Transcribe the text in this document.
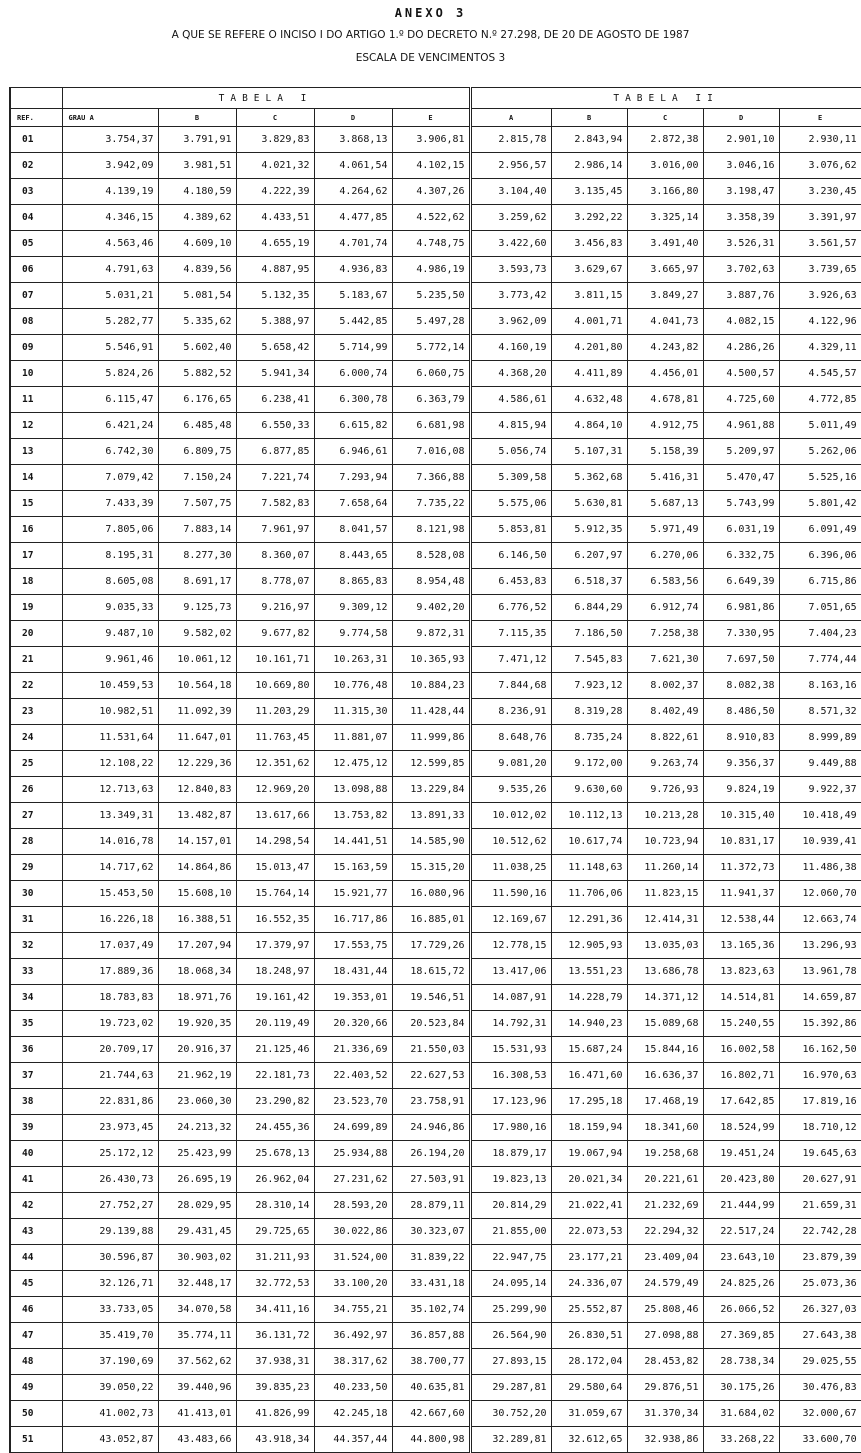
ANEXO 3
A QUE SE REFERE O INCISO I DO ARTIGO 1.º DO DECRETO N.º 27.298, DE 20 DE AGOSTO DE 1987
ESCALA DE VENCIMENTOS 3
	TABELA I					TABELA II				
REF.	GRAU A	B	C	D	E	A	B	C	D	E
01	3.754,37	3.791,91	3.829,83	3.868,13	3.906,81	2.815,78	2.843,94	2.872,38	2.901,10	2.930,11
02	3.942,09	3.981,51	4.021,32	4.061,54	4.102,15	2.956,57	2.986,14	3.016,00	3.046,16	3.076,62
03	4.139,19	4.180,59	4.222,39	4.264,62	4.307,26	3.104,40	3.135,45	3.166,80	3.198,47	3.230,45
04	4.346,15	4.389,62	4.433,51	4.477,85	4.522,62	3.259,62	3.292,22	3.325,14	3.358,39	3.391,97
05	4.563,46	4.609,10	4.655,19	4.701,74	4.748,75	3.422,60	3.456,83	3.491,40	3.526,31	3.561,57
06	4.791,63	4.839,56	4.887,95	4.936,83	4.986,19	3.593,73	3.629,67	3.665,97	3.702,63	3.739,65
07	5.031,21	5.081,54	5.132,35	5.183,67	5.235,50	3.773,42	3.811,15	3.849,27	3.887,76	3.926,63
08	5.282,77	5.335,62	5.388,97	5.442,85	5.497,28	3.962,09	4.001,71	4.041,73	4.082,15	4.122,96
09	5.546,91	5.602,40	5.658,42	5.714,99	5.772,14	4.160,19	4.201,80	4.243,82	4.286,26	4.329,11
10	5.824,26	5.882,52	5.941,34	6.000,74	6.060,75	4.368,20	4.411,89	4.456,01	4.500,57	4.545,57
11	6.115,47	6.176,65	6.238,41	6.300,78	6.363,79	4.586,61	4.632,48	4.678,81	4.725,60	4.772,85
12	6.421,24	6.485,48	6.550,33	6.615,82	6.681,98	4.815,94	4.864,10	4.912,75	4.961,88	5.011,49
13	6.742,30	6.809,75	6.877,85	6.946,61	7.016,08	5.056,74	5.107,31	5.158,39	5.209,97	5.262,06
14	7.079,42	7.150,24	7.221,74	7.293,94	7.366,88	5.309,58	5.362,68	5.416,31	5.470,47	5.525,16
15	7.433,39	7.507,75	7.582,83	7.658,64	7.735,22	5.575,06	5.630,81	5.687,13	5.743,99	5.801,42
16	7.805,06	7.883,14	7.961,97	8.041,57	8.121,98	5.853,81	5.912,35	5.971,49	6.031,19	6.091,49
17	8.195,31	8.277,30	8.360,07	8.443,65	8.528,08	6.146,50	6.207,97	6.270,06	6.332,75	6.396,06
18	8.605,08	8.691,17	8.778,07	8.865,83	8.954,48	6.453,83	6.518,37	6.583,56	6.649,39	6.715,86
19	9.035,33	9.125,73	9.216,97	9.309,12	9.402,20	6.776,52	6.844,29	6.912,74	6.981,86	7.051,65
20	9.487,10	9.582,02	9.677,82	9.774,58	9.872,31	7.115,35	7.186,50	7.258,38	7.330,95	7.404,23
21	9.961,46	10.061,12	10.161,71	10.263,31	10.365,93	7.471,12	7.545,83	7.621,30	7.697,50	7.774,44
22	10.459,53	10.564,18	10.669,80	10.776,48	10.884,23	7.844,68	7.923,12	8.002,37	8.082,38	8.163,16
23	10.982,51	11.092,39	11.203,29	11.315,30	11.428,44	8.236,91	8.319,28	8.402,49	8.486,50	8.571,32
24	11.531,64	11.647,01	11.763,45	11.881,07	11.999,86	8.648,76	8.735,24	8.822,61	8.910,83	8.999,89
25	12.108,22	12.229,36	12.351,62	12.475,12	12.599,85	9.081,20	9.172,00	9.263,74	9.356,37	9.449,88
26	12.713,63	12.840,83	12.969,20	13.098,88	13.229,84	9.535,26	9.630,60	9.726,93	9.824,19	9.922,37
27	13.349,31	13.482,87	13.617,66	13.753,82	13.891,33	10.012,02	10.112,13	10.213,28	10.315,40	10.418,49
28	14.016,78	14.157,01	14.298,54	14.441,51	14.585,90	10.512,62	10.617,74	10.723,94	10.831,17	10.939,41
29	14.717,62	14.864,86	15.013,47	15.163,59	15.315,20	11.038,25	11.148,63	11.260,14	11.372,73	11.486,38
30	15.453,50	15.608,10	15.764,14	15.921,77	16.080,96	11.590,16	11.706,06	11.823,15	11.941,37	12.060,70
31	16.226,18	16.388,51	16.552,35	16.717,86	16.885,01	12.169,67	12.291,36	12.414,31	12.538,44	12.663,74
32	17.037,49	17.207,94	17.379,97	17.553,75	17.729,26	12.778,15	12.905,93	13.035,03	13.165,36	13.296,93
33	17.889,36	18.068,34	18.248,97	18.431,44	18.615,72	13.417,06	13.551,23	13.686,78	13.823,63	13.961,78
34	18.783,83	18.971,76	19.161,42	19.353,01	19.546,51	14.087,91	14.228,79	14.371,12	14.514,81	14.659,87
35	19.723,02	19.920,35	20.119,49	20.320,66	20.523,84	14.792,31	14.940,23	15.089,68	15.240,55	15.392,86
36	20.709,17	20.916,37	21.125,46	21.336,69	21.550,03	15.531,93	15.687,24	15.844,16	16.002,58	16.162,50
37	21.744,63	21.962,19	22.181,73	22.403,52	22.627,53	16.308,53	16.471,60	16.636,37	16.802,71	16.970,63
38	22.831,86	23.060,30	23.290,82	23.523,70	23.758,91	17.123,96	17.295,18	17.468,19	17.642,85	17.819,16
39	23.973,45	24.213,32	24.455,36	24.699,89	24.946,86	17.980,16	18.159,94	18.341,60	18.524,99	18.710,12
40	25.172,12	25.423,99	25.678,13	25.934,88	26.194,20	18.879,17	19.067,94	19.258,68	19.451,24	19.645,63
41	26.430,73	26.695,19	26.962,04	27.231,62	27.503,91	19.823,13	20.021,34	20.221,61	20.423,80	20.627,91
42	27.752,27	28.029,95	28.310,14	28.593,20	28.879,11	20.814,29	21.022,41	21.232,69	21.444,99	21.659,31
43	29.139,88	29.431,45	29.725,65	30.022,86	30.323,07	21.855,00	22.073,53	22.294,32	22.517,24	22.742,28
44	30.596,87	30.903,02	31.211,93	31.524,00	31.839,22	22.947,75	23.177,21	23.409,04	23.643,10	23.879,39
45	32.126,71	32.448,17	32.772,53	33.100,20	33.431,18	24.095,14	24.336,07	24.579,49	24.825,26	25.073,36
46	33.733,05	34.070,58	34.411,16	34.755,21	35.102,74	25.299,90	25.552,87	25.808,46	26.066,52	26.327,03
47	35.419,70	35.774,11	36.131,72	36.492,97	36.857,88	26.564,90	26.830,51	27.098,88	27.369,85	27.643,38
48	37.190,69	37.562,62	37.938,31	38.317,62	38.700,77	27.893,15	28.172,04	28.453,82	28.738,34	29.025,55
49	39.050,22	39.440,96	39.835,23	40.233,50	40.635,81	29.287,81	29.580,64	29.876,51	30.175,26	30.476,83
50	41.002,73	41.413,01	41.826,99	42.245,18	42.667,60	30.752,20	31.059,67	31.370,34	31.684,02	32.000,67
51	43.052,87	43.483,66	43.918,34	44.357,44	44.800,98	32.289,81	32.612,65	32.938,86	33.268,22	33.600,70
